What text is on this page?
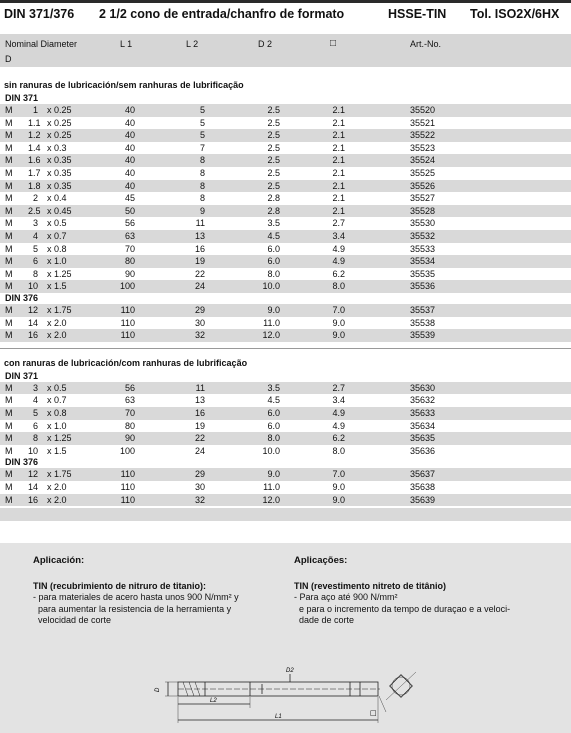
DIN 371/376 2 1/2 cono de entrada/chanfro de formato	HSSE-TIN Tol. ISO2X/6HX
Nominal Diameter
D
L 1	L 2	D 2	□	Art.-No.
sin ranuras de lubricación/sem ranhuras de lubrificação
DIN 371
M	1 x 0.25	40	5	2.5	2.1	35520
M 1.1 x 0.25	40	5	2.5	2.1	35521
M 1.2 x 0.25	40	5	2.5	2.1	35522
M 1.4 x 0.3	40	7	2.5	2.1	35523
M 1.6 x 0.35	40	8	2.5	2.1	35524
M 1.7 x 0.35	40	8	2.5	2.1	35525
M 1.8 x 0.35	40	8	2.5	2.1	35526
M	2 x 0.4	45	8	2.8	2.1	35527
M 2.5 x 0.45	50	9	2.8	2.1	35528
M	3 x 0.5	56	11	3.5	2.7	35530
M	4 x 0.7	63	13	4.5	3.4	35532
M	5 x 0.8	70	16	6.0	4.9	35533
M	6 x 1.0	80	19	6.0	4.9	35534
M	8 x 1.25	90	22	8.0	6.2	35535
M 10 x 1.5	100	24	10.0	8.0	35536
DIN 376
M 12 x 1.75	110	29	9.0	7.0	35537
M 14 x 2.0	110	30	11.0	9.0	35538
M 16 x 2.0	110	32	12.0	9.0	35539
con ranuras de lubricación/com ranhuras de lubrificação
DIN 371
M	3 x 0.5	56	11	3.5	2.7	35630
M	4 x 0.7	63	13	4.5	3.4	35632
M	5 x 0.8	70	16	6.0	4.9	35633
M	6 x 1.0	80	19	6.0	4.9	35634
M	8 x 1.25	90	22	8.0	6.2	35635
M 10 x 1.5	100	24	10.0	8.0	35636
DIN 376
M 12 x 1.75	110	29	9.0	7.0	35637
M 14 x 2.0	110	30	11.0	9.0	35638
M 16 x 2.0	110	32	12.0	9.0	35639
Aplicación:
TIN (recubrimiento de nitruro de titanio):
- para materiales de acero hasta unos 900 N/mm² y
para aumentar la resistencia de la herramienta y
velocidad de corte
Aplicações:
TIN (revestimento nitreto de titânio)
- Para aço até 900 N/mm²
e para o incremento da tempo de duraçao e a veloci-
dade de corte
D
D2
L2
L1	□
